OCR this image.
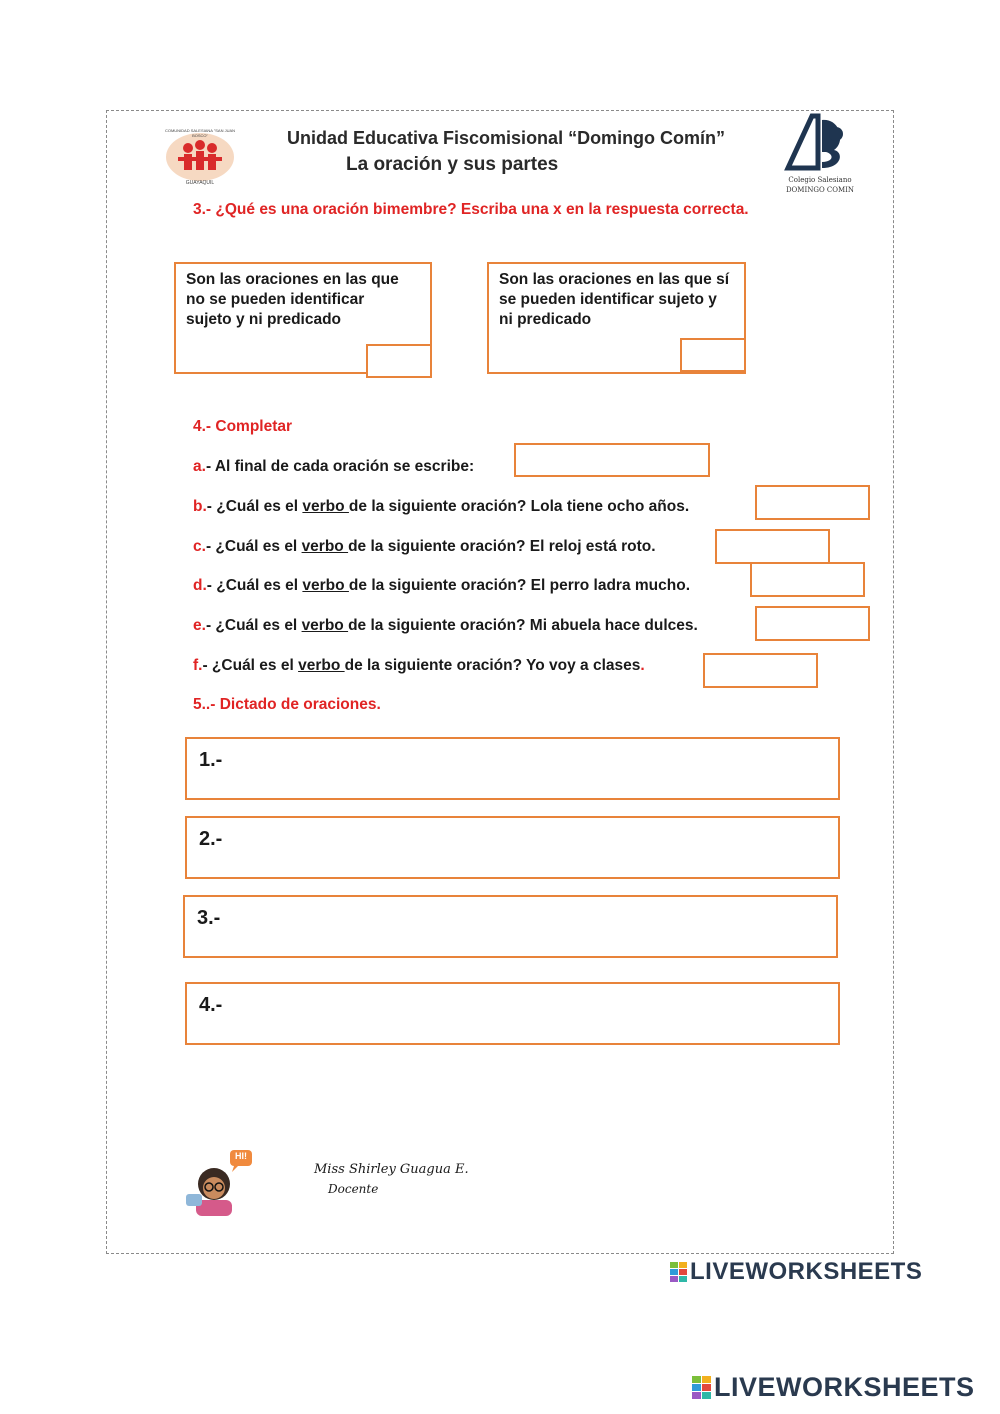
COMUNIDAD SALESIANA "SAN JUAN BOSCO"
GUAYAQUIL
Unidad Educativa Fiscomisional “Domingo Comín”
La oración y sus partes
Colegio Salesiano
DOMINGO COMIN
3.- ¿Qué es una oración bimembre? Escriba una x en la respuesta correcta.
Son las oraciones en las que no se pueden identificar sujeto y ni predicado
Son las oraciones en las que sí se pueden identificar sujeto y ni predicado
4.- Completar
a.- Al final de cada oración se escribe:
b.- ¿Cuál es el verbo de la siguiente oración? Lola tiene ocho años.
c.- ¿Cuál es el verbo de la siguiente oración? El reloj está roto.
d.- ¿Cuál es el verbo de la siguiente oración? El perro ladra mucho.
e.- ¿Cuál es el verbo de la siguiente oración? Mi abuela hace dulces.
f.- ¿Cuál es el verbo de la siguiente oración? Yo voy a clases.
5..- Dictado de oraciones.
1.-
2.-
3.-
4.-
HI!
Miss Shirley Guagua E.
Docente
LIVEWORKSHEETS
LIVEWORKSHEETS
